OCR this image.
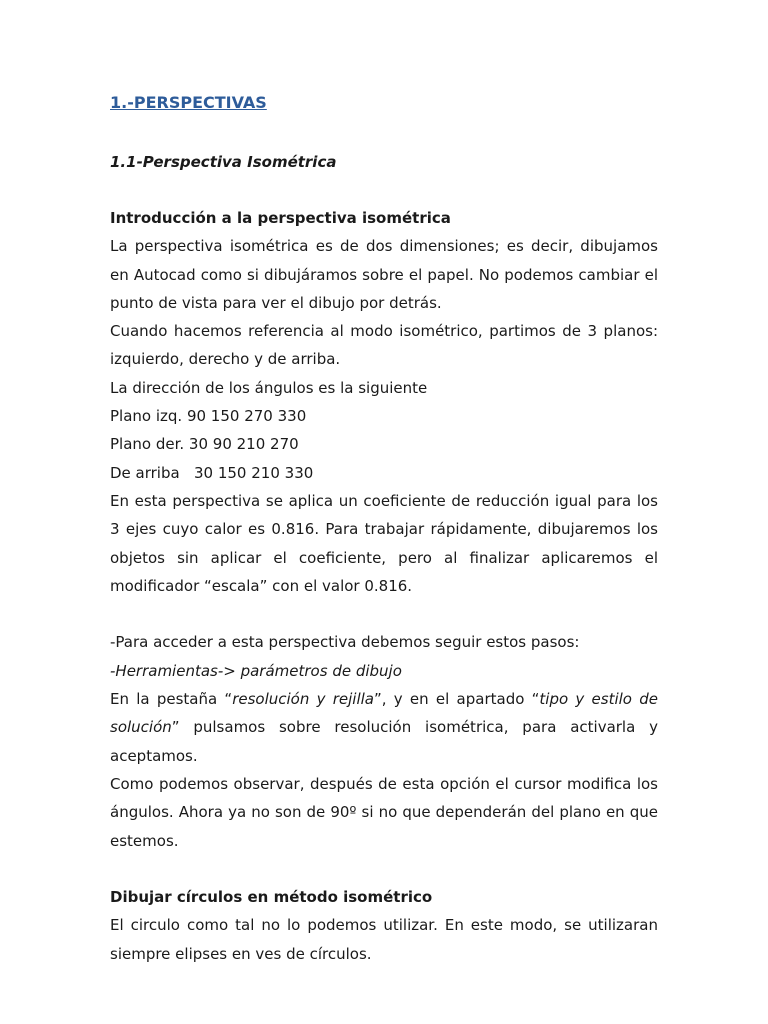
1.-PERSPECTIVAS
1.1-Perspectiva Isométrica
Introducción a la perspectiva isométrica

La perspectiva isométrica es de dos dimensiones; es decir, dibujamos en Autocad como si dibujáramos sobre el papel. No podemos cambiar el punto de vista para ver el dibujo por detrás.

Cuando hacemos referencia al modo isométrico, partimos de 3 planos: izquierdo, derecho y de arriba.

La dirección de los ángulos es la siguiente

Plano izq. 90 150 270 330

Plano der. 30 90 210 270

De arriba   30 150 210 330

En esta perspectiva se aplica un coeficiente de reducción igual para los 3 ejes cuyo calor es 0.816. Para trabajar rápidamente, dibujaremos los objetos sin aplicar el coeficiente, pero al finalizar aplicaremos el modificador “escala” con el valor 0.816.

-Para acceder a esta perspectiva debemos seguir estos pasos:

-Herramientas-> parámetros de dibujo

En la pestaña “resolución y rejilla”, y en el apartado “tipo y estilo de solución” pulsamos sobre resolución isométrica, para activarla y aceptamos.

Como podemos observar, después de esta opción el cursor modifica los ángulos. Ahora ya no son de 90º si no que dependerán del plano en que estemos.

Dibujar círculos en método isométrico

El circulo como tal no lo podemos utilizar. En este modo, se utilizaran siempre elipses en ves de círculos.
